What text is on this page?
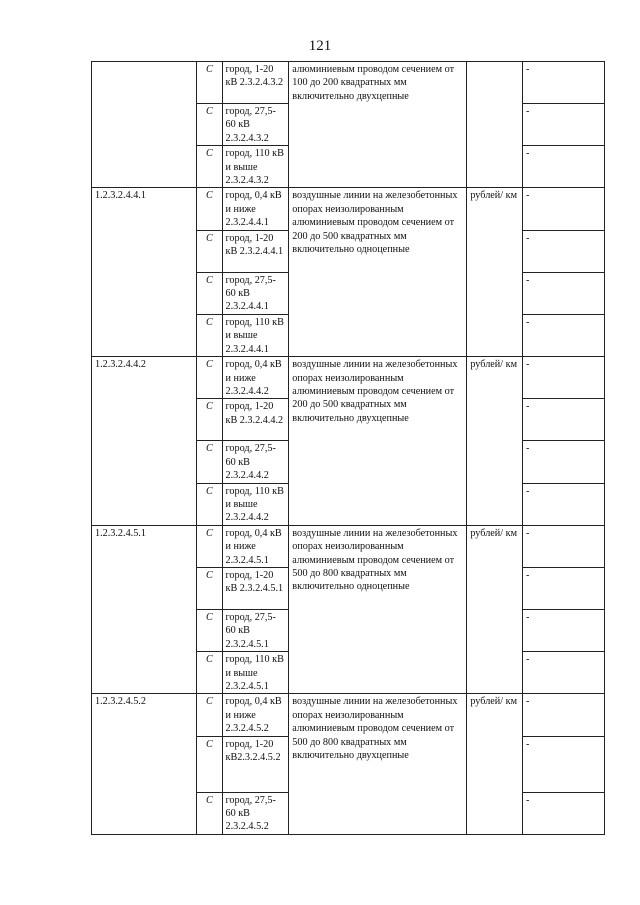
121
	С	город, 1-20 кВ 2.3.2.4.3.2	алюминиевым проводом сечением от 100 до 200 квадратных мм включительно двухцепные		-
	С	город, 27,5-60 кВ 2.3.2.4.3.2			-
	С	город, 110 кВ и выше 2.3.2.4.3.2			-
1.2.3.2.4.4.1	С	город, 0,4 кВ и ниже 2.3.2.4.4.1	воздушные линии на железобетонных опорах неизолированным алюминиевым проводом сечением от 200 до 500 квадратных мм включительно одноцепные	рублей/ км	-
	С	город, 1-20 кВ 2.3.2.4.4.1			-
	С	город, 27,5-60 кВ 2.3.2.4.4.1			-
	С	город, 110 кВ и выше 2.3.2.4.4.1			-
1.2.3.2.4.4.2	С	город, 0,4 кВ и ниже 2.3.2.4.4.2	воздушные линии на железобетонных опорах неизолированным алюминиевым проводом сечением от 200 до 500 квадратных мм включительно двухцепные	рублей/ км	-
	С	город, 1-20 кВ 2.3.2.4.4.2			-
	С	город, 27,5-60 кВ 2.3.2.4.4.2			-
	С	город, 110 кВ и выше 2.3.2.4.4.2			-
1.2.3.2.4.5.1	С	город, 0,4 кВ и ниже 2.3.2.4.5.1	воздушные линии на железобетонных опорах неизолированным алюминиевым проводом сечением от 500 до 800 квадратных мм включительно одноцепные	рублей/ км	-
	С	город, 1-20 кВ 2.3.2.4.5.1			-
	С	город, 27,5-60 кВ 2.3.2.4.5.1			-
	С	город, 110 кВ и выше 2.3.2.4.5.1			-
1.2.3.2.4.5.2	С	город, 0,4 кВ и ниже 2.3.2.4.5.2	воздушные линии на железобетонных опорах неизолированным алюминиевым проводом сечением от 500 до 800 квадратных мм включительно двухцепные	рублей/ км	-
	С	город, 1-20 кВ2.3.2.4.5.2			-
	С	город, 27,5-60 кВ 2.3.2.4.5.2			-
